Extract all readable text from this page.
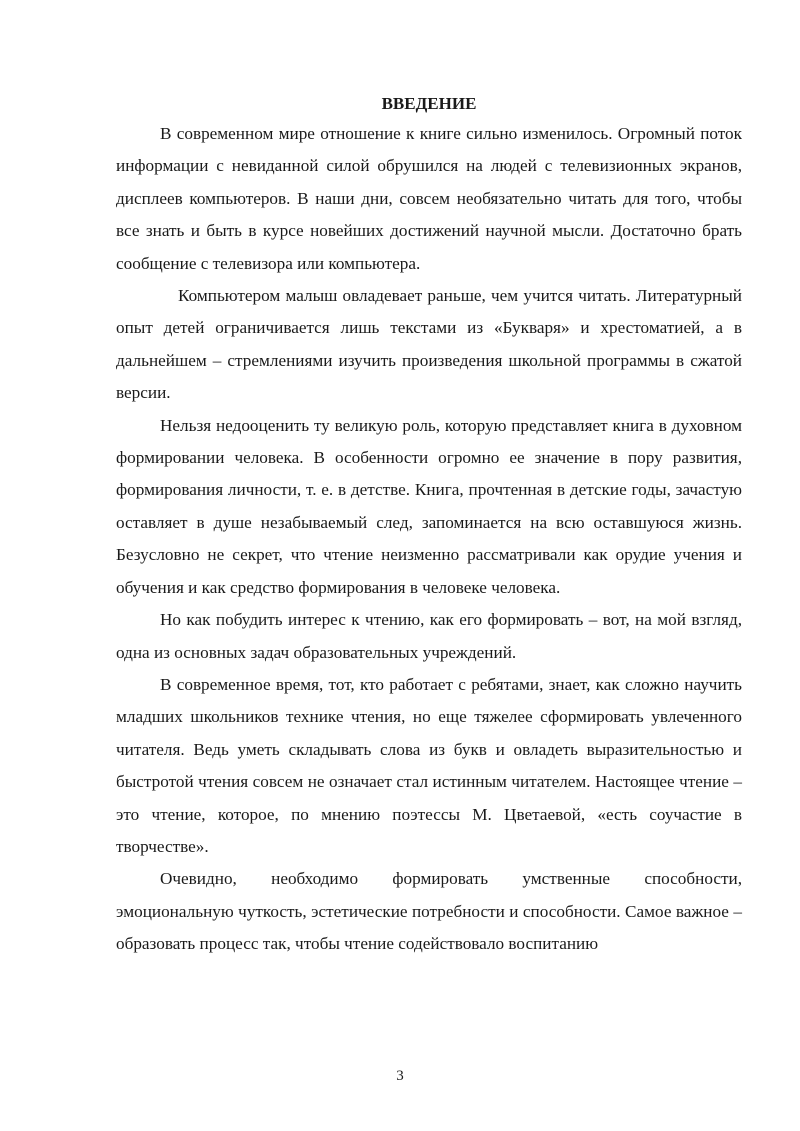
ВВЕДЕНИЕ

В современном мире отношение к книге сильно изменилось. Огромный поток информации с невиданной силой обрушился на людей с телевизионных экранов, дисплеев компьютеров. В наши дни, совсем необязательно читать для того, чтобы все знать и быть в курсе новейших достижений научной мысли. Достаточно брать сообщение с телевизора или компьютера.

Компьютером малыш овладевает раньше, чем учится читать. Литературный опыт детей ограничивается лишь текстами из «Букваря» и хрестоматией, а в дальнейшем – стремлениями изучить произведения школьной программы в сжатой версии.

Нельзя недооценить ту великую роль, которую представляет книга в духовном формировании человека. В особенности огромно ее значение в пору развития, формирования личности, т. е. в детстве. Книга, прочтенная в детские годы, зачастую оставляет в душе незабываемый след, запоминается на всю оставшуюся жизнь. Безусловно не секрет, что чтение неизменно рассматривали как орудие учения и обучения и как средство формирования в человеке человека.

Но как побудить интерес к чтению, как его формировать – вот, на мой взгляд, одна из основных задач образовательных учреждений.

В современное время, тот, кто работает с ребятами, знает, как сложно научить младших школьников технике чтения, но еще тяжелее сформировать увлеченного читателя. Ведь уметь складывать слова из букв и овладеть выразительностью и быстротой чтения совсем не означает стал истинным читателем. Настоящее чтение – это чтение, которое, по мнению поэтессы М. Цветаевой, «есть соучастие в творчестве».

Очевидно, необходимо формировать умственные способности, эмоциональную чуткость, эстетические потребности и способности. Самое важное – образовать процесс так, чтобы чтение содействовало воспитанию

3
